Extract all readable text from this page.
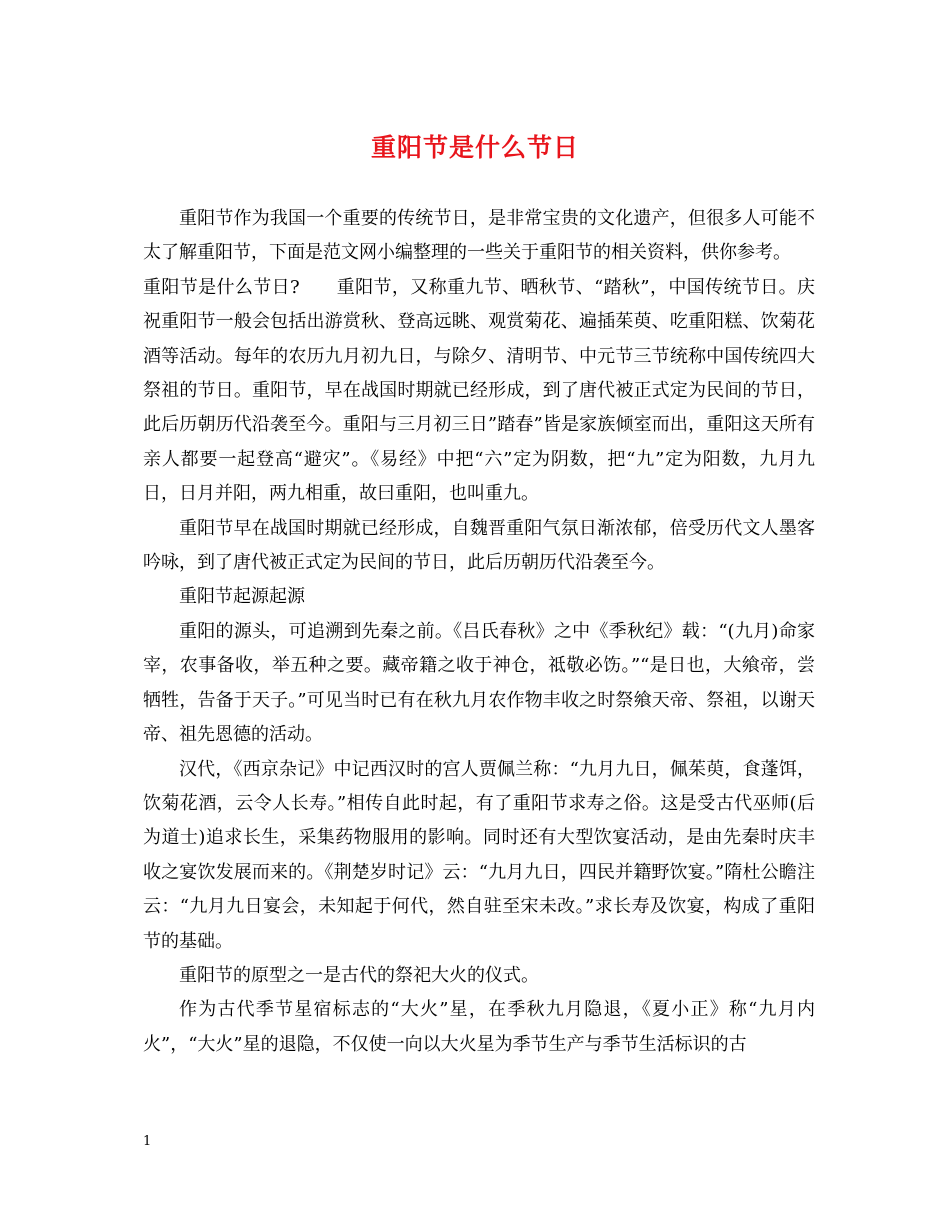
重阳节是什么节日

重阳节作为我国一个重要的传统节日，是非常宝贵的文化遗产，但很多人可能不太了解重阳节，下面是范文网小编整理的一些关于重阳节的相关资料，供你参考。

重阳节是什么节日?　　重阳节，又称重九节、晒秋节、“踏秋”，中国传统节日。庆祝重阳节一般会包括出游赏秋、登高远眺、观赏菊花、遍插茱萸、吃重阳糕、饮菊花酒等活动。每年的农历九月初九日，与除夕、清明节、中元节三节统称中国传统四大祭祖的节日。重阳节，早在战国时期就已经形成，到了唐代被正式定为民间的节日，此后历朝历代沿袭至今。重阳与三月初三日”踏春”皆是家族倾室而出，重阳这天所有亲人都要一起登高“避灾”。《易经》中把“六”定为阴数，把“九”定为阳数，九月九日，日月并阳，两九相重，故曰重阳，也叫重九。

重阳节早在战国时期就已经形成，自魏晋重阳气氛日渐浓郁，倍受历代文人墨客吟咏，到了唐代被正式定为民间的节日，此后历朝历代沿袭至今。

重阳节起源起源

重阳的源头，可追溯到先秦之前。《吕氏春秋》之中《季秋纪》载：“(九月)命家宰，农事备收，举五种之要。藏帝籍之收于神仓，祗敬必饬。”“是日也，大飨帝，尝牺牲，告备于天子。”可见当时已有在秋九月农作物丰收之时祭飨天帝、祭祖，以谢天帝、祖先恩德的活动。

汉代，《西京杂记》中记西汉时的宫人贾佩兰称：“九月九日，佩茱萸，食蓬饵，饮菊花酒，云令人长寿。”相传自此时起，有了重阳节求寿之俗。这是受古代巫师(后为道士)追求长生，采集药物服用的影响。同时还有大型饮宴活动，是由先秦时庆丰收之宴饮发展而来的。《荆楚岁时记》云：“九月九日，四民并籍野饮宴。”隋杜公瞻注云：“九月九日宴会，未知起于何代，然自驻至宋未改。”求长寿及饮宴，构成了重阳节的基础。

重阳节的原型之一是古代的祭祀大火的仪式。

作为古代季节星宿标志的“大火”星，在季秋九月隐退，《夏小正》称“九月内火”，“大火”星的退隐，不仅使一向以大火星为季节生产与季节生活标识的古

1
